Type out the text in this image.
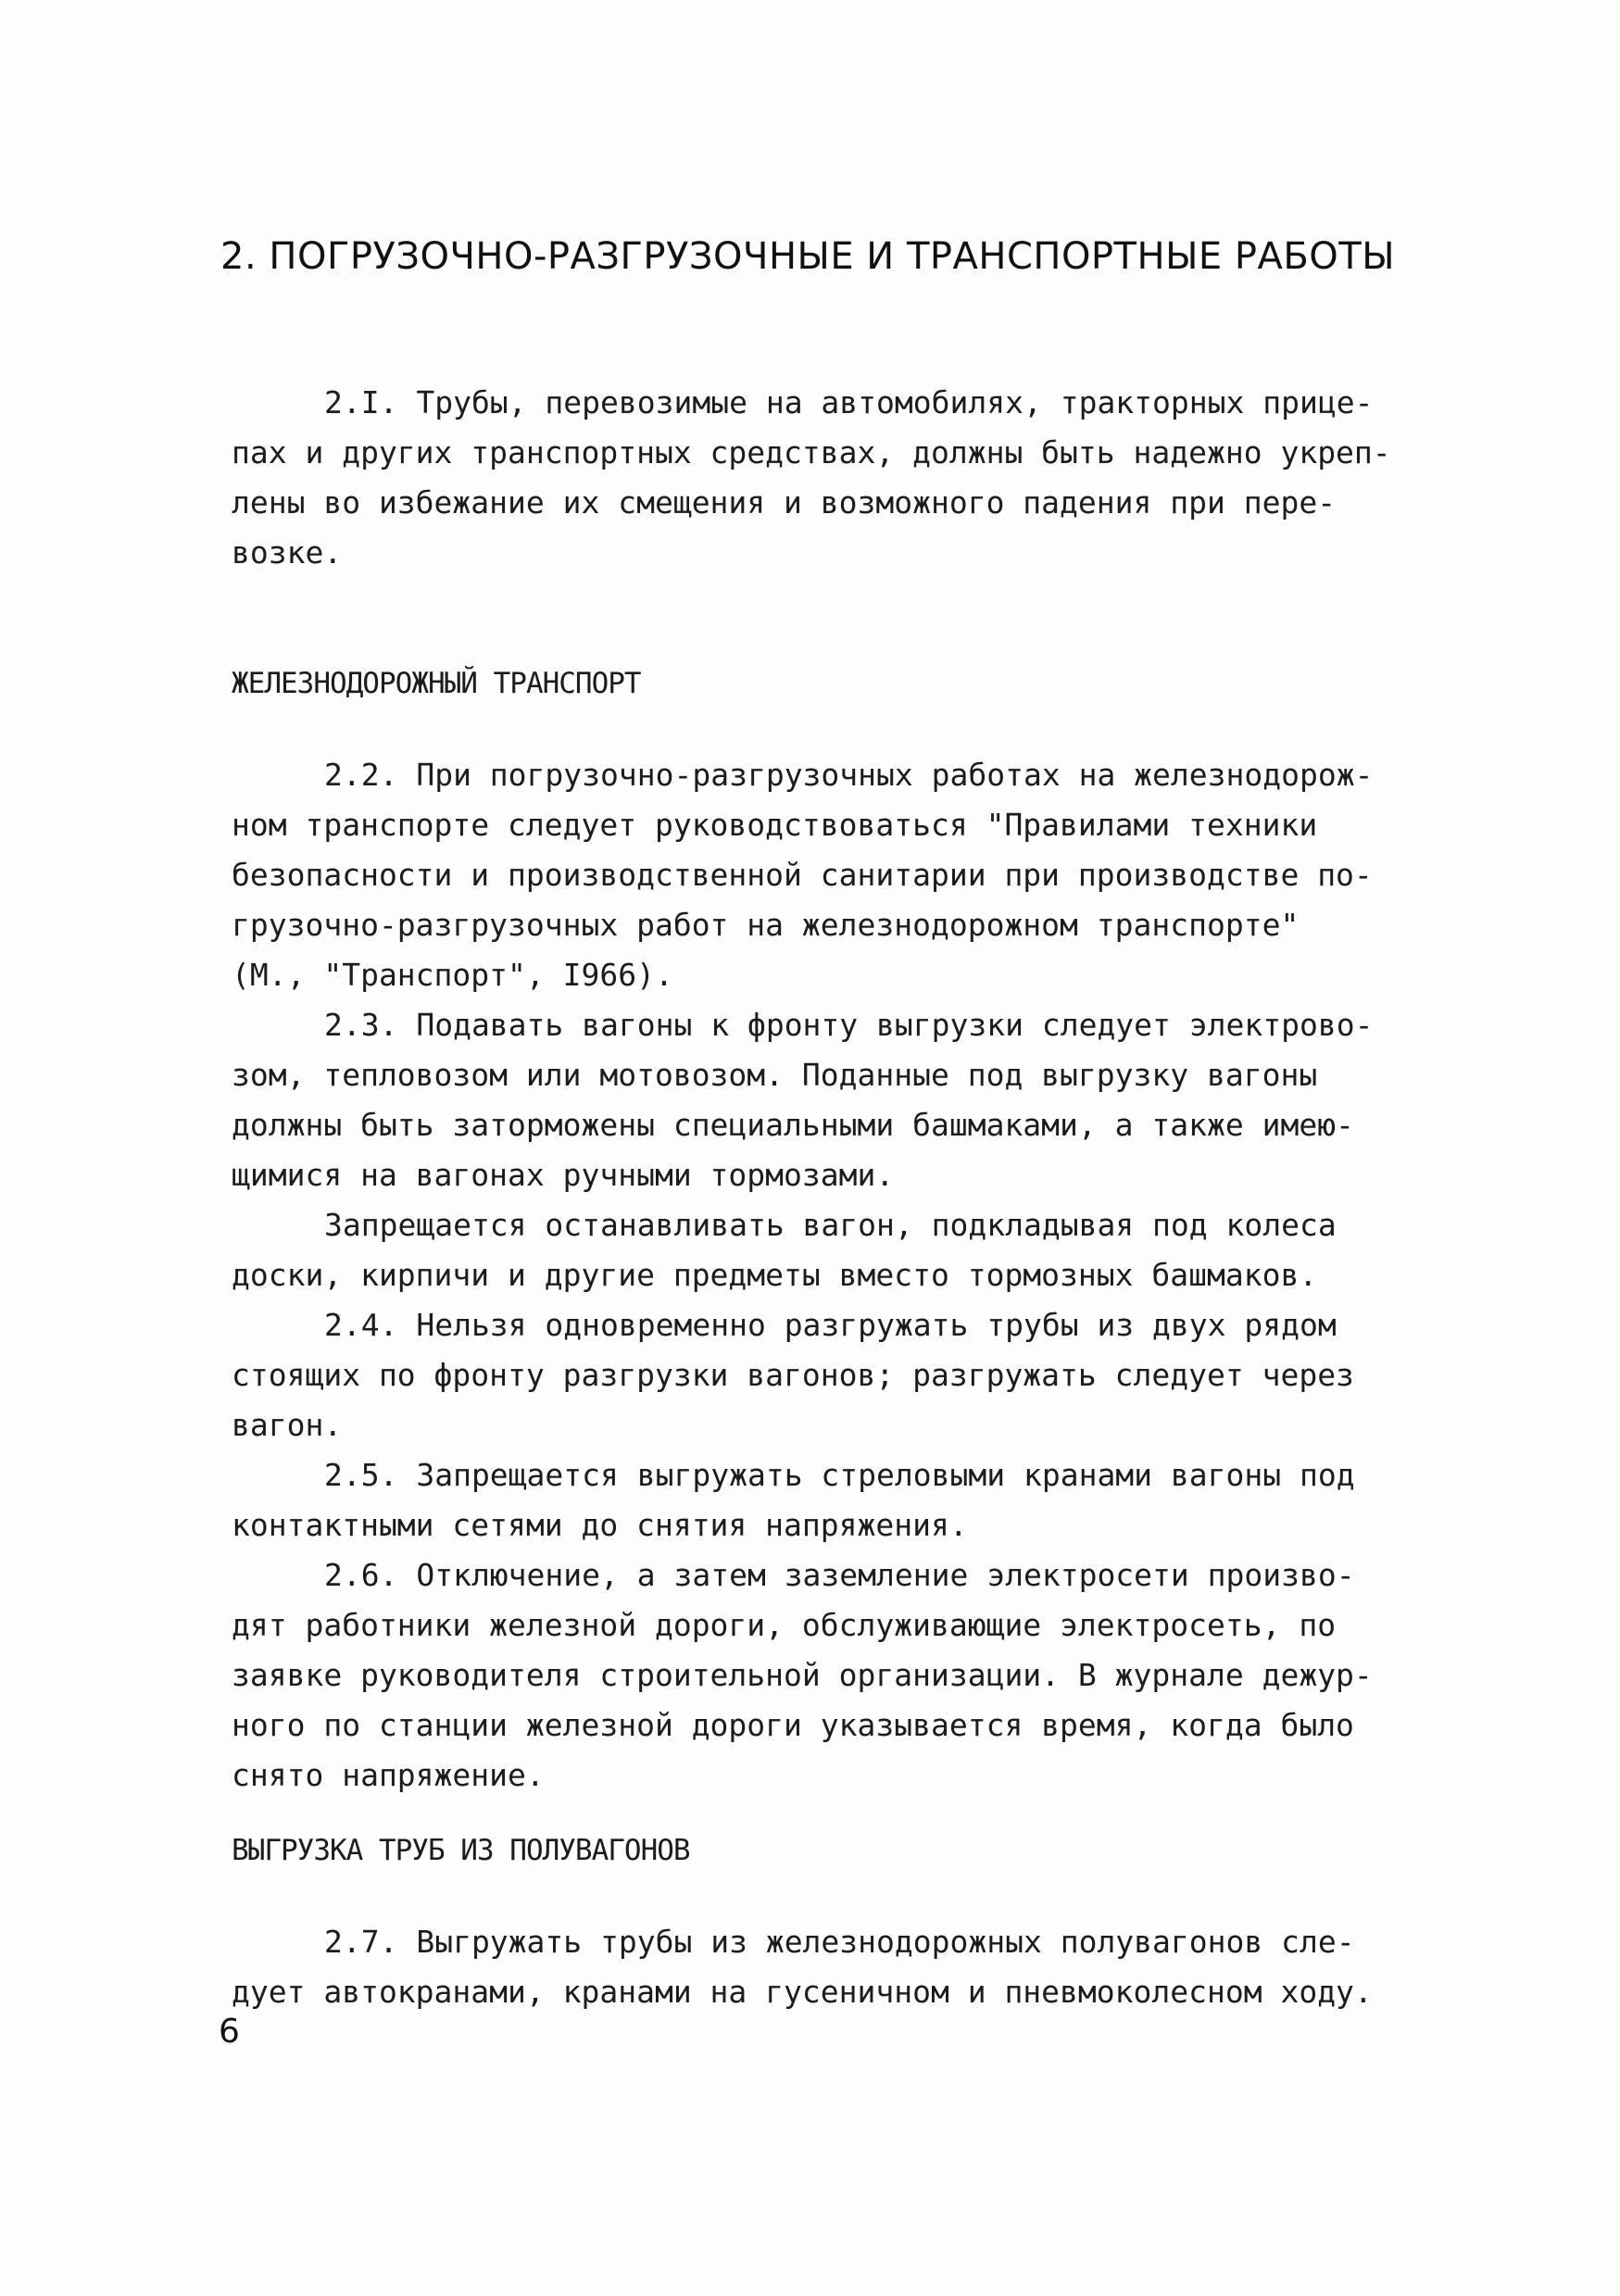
2. ПОГРУЗОЧНО-РАЗГРУЗОЧНЫЕ И ТРАНСПОРТНЫЕ РАБОТЫ
2.I. Трубы, перевозимые на автомобилях, тракторных прице-
пах и других транспортных средствах, должны быть надежно укреп-
лены во избежание их смещения и возможного падения при пере-
возке.
ЖЕЛЕЗНОДОРОЖНЫЙ ТРАНСПОРТ
2.2. При погрузочно-разгрузочных работах на железнодорож-
ном транспорте следует руководствоваться "Правилами техники
безопасности и производственной санитарии при производстве по-
грузочно-разгрузочных работ на железнодорожном транспорте"
(М., "Транспорт", I966).
2.3. Подавать вагоны к фронту выгрузки следует электрово-
зом, тепловозом или мотовозом. Поданные под выгрузку вагоны
должны быть заторможены специальными башмаками, а также имею-
щимися на вагонах ручными тормозами.
Запрещается останавливать вагон, подкладывая под колеса
доски, кирпичи и другие предметы вместо тормозных башмаков.
2.4. Нельзя одновременно разгружать трубы из двух рядом
стоящих по фронту разгрузки вагонов; разгружать следует через
вагон.
2.5. Запрещается выгружать стреловыми кранами вагоны под
контактными сетями до снятия напряжения.
2.6. Отключение, а затем заземление электросети произво-
дят работники железной дороги, обслуживающие электросеть, по
заявке руководителя строительной организации. В журнале дежур-
ного по станции железной дороги указывается время, когда было
снято напряжение.
ВЫГРУЗКА ТРУБ ИЗ ПОЛУВАГОНОВ
2.7. Выгружать трубы из железнодорожных полувагонов сле-
дует автокранами, кранами на гусеничном и пневмоколесном ходу.
6
